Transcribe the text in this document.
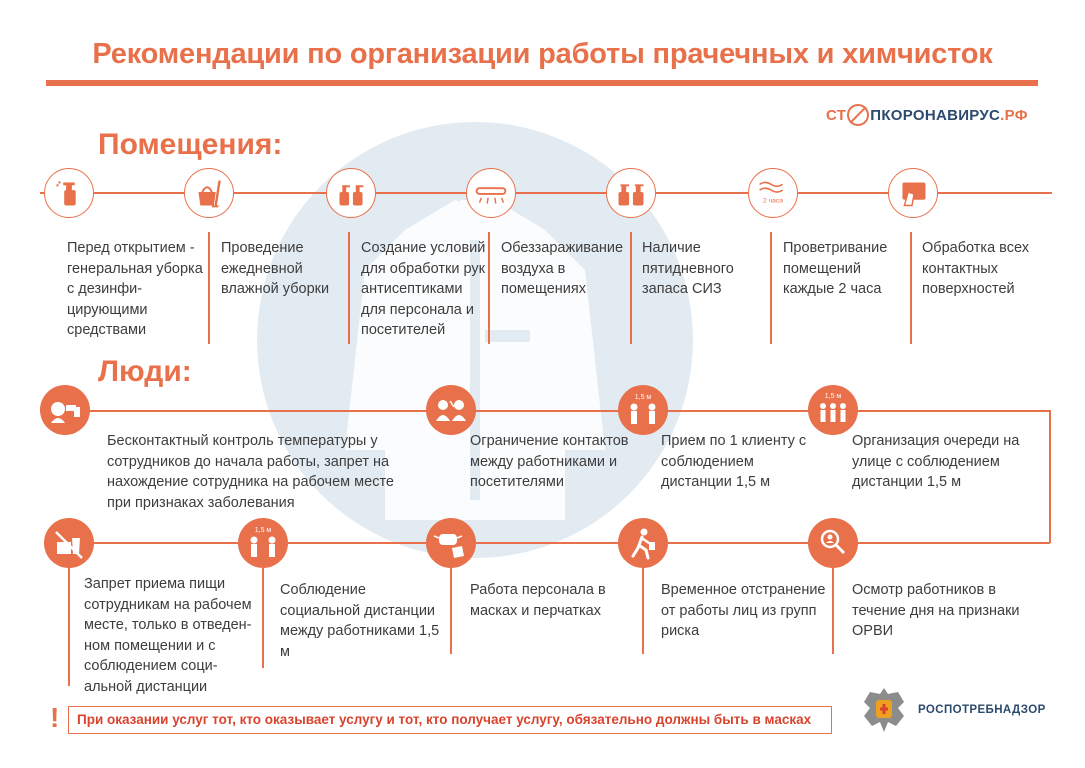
Рекомендации по организации работы прачечных и химчисток
СТ ПКОРОНАВИРУС .РФ
Помещения:
2 часа
Перед открытием - генеральная уборка с дезинфи-цирующими средствами
Проведение ежедневной влажной уборки
Создание условий для обработки рук антисептиками для персонала и посетителей
Обеззараживание воздуха в помещениях
Наличие пятидневного запаса СИЗ
Проветривание помещений каждые 2 часа
Обработка всех контактных поверхностей
Люди:
1,5 м	1,5 м
Бесконтактный контроль температуры у сотрудников до начала работы, запрет на нахождение сотрудника на рабочем месте при признаках заболевания
Ограничение контактов между работниками и посетителями
Прием по 1 клиенту с соблюдением дистанции 1,5 м
Организация очереди на улице с соблюдением дистанции 1,5 м
1,5 м
Запрет приема пищи сотрудникам на рабочем месте, только в отведен-ном помещении и с соблюдением соци-альной дистанции
Соблюдение социальной дистанции между работниками 1,5 м
Работа персонала в масках и перчатках
Временное отстранение от работы лиц из групп риска
Осмотр работников в течение дня на признаки ОРВИ
!	При оказании услуг тот, кто оказывает услугу и тот, кто получает услугу, обязательно должны быть в масках
РОСПОТРЕБНАДЗОР
